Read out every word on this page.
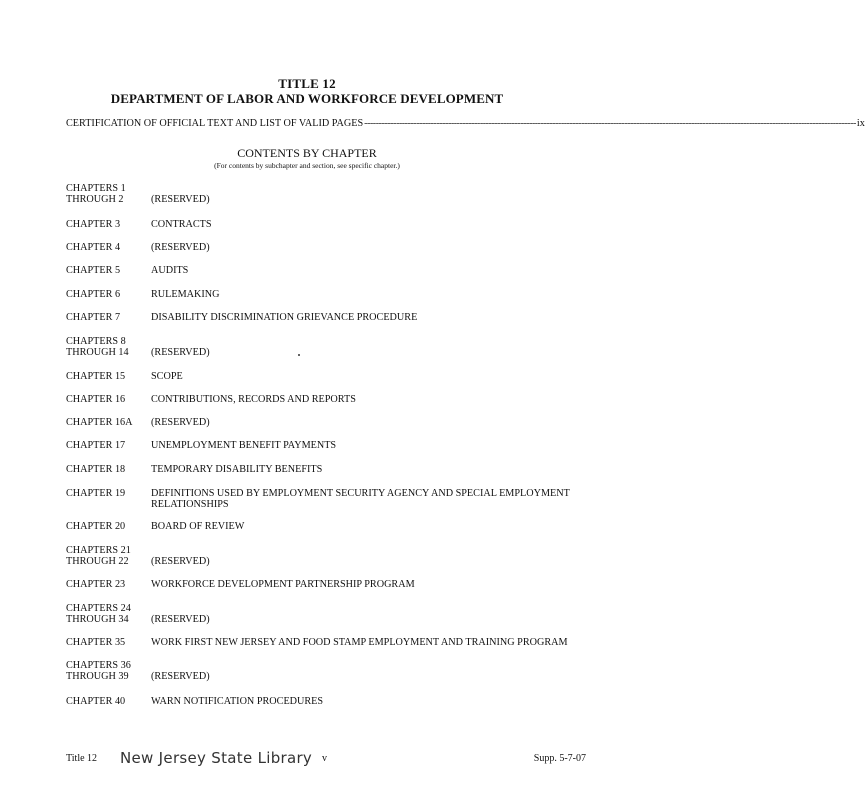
TITLE 12
DEPARTMENT OF LABOR AND WORKFORCE DEVELOPMENT
CERTIFICATION OF OFFICIAL TEXT AND LIST OF VALID PAGES -------------------------------------------------------------------------------------------------------------------------------------------------------------------------- ix
CONTENTS BY CHAPTER
(For contents by subchapter and section, see specific chapter.)
CHAPTERS 1
THROUGH 2	(RESERVED)
CHAPTER 3	CONTRACTS
CHAPTER 4	(RESERVED)
CHAPTER 5	AUDITS
CHAPTER 6	RULEMAKING
CHAPTER 7	DISABILITY DISCRIMINATION GRIEVANCE PROCEDURE
CHAPTERS 8
THROUGH 14	(RESERVED)
CHAPTER 15	SCOPE
CHAPTER 16	CONTRIBUTIONS, RECORDS AND REPORTS
CHAPTER 16A	(RESERVED)
CHAPTER 17	UNEMPLOYMENT BENEFIT PAYMENTS
CHAPTER 18	TEMPORARY DISABILITY BENEFITS
CHAPTER 19	DEFINITIONS USED BY EMPLOYMENT SECURITY AGENCY AND SPECIAL EMPLOYMENT RELATIONSHIPS
CHAPTER 20	BOARD OF REVIEW
CHAPTERS 21
THROUGH 22	(RESERVED)
CHAPTER 23	WORKFORCE DEVELOPMENT PARTNERSHIP PROGRAM
CHAPTERS 24
THROUGH 34	(RESERVED)
CHAPTER 35	WORK FIRST NEW JERSEY AND FOOD STAMP EMPLOYMENT AND TRAINING PROGRAM
CHAPTERS 36
THROUGH 39	(RESERVED)
CHAPTER 40	WARN NOTIFICATION PROCEDURES
Title 12 New Jersey State Library v	Supp. 5-7-07
